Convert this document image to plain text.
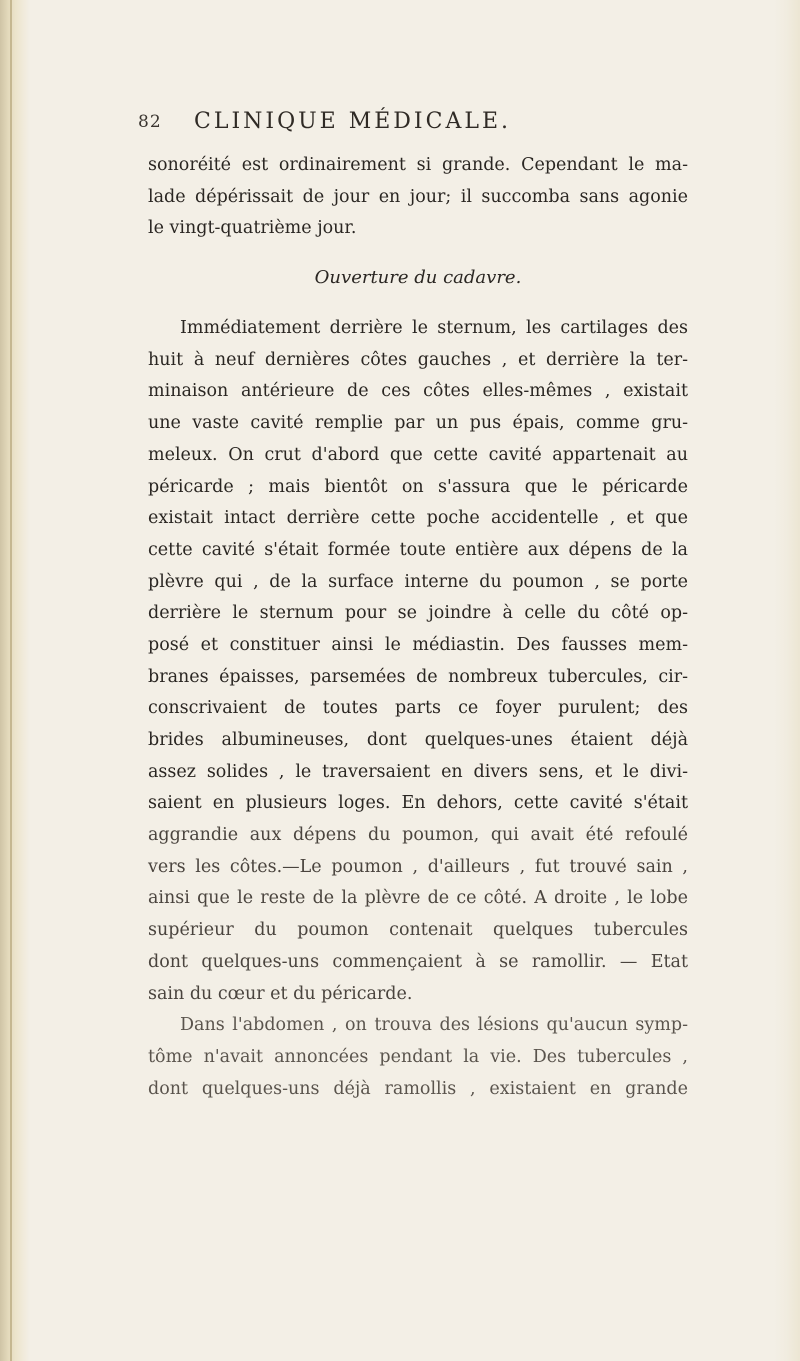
82 CLINIQUE MÉDICALE.
sonoréité est ordinairement si grande. Cependant le ma-
lade dépérissait de jour en jour; il succomba sans agonie
le vingt-quatrième jour.
Ouverture du cadavre.
Immédiatement derrière le sternum, les cartilages des
huit à neuf dernières côtes gauches , et derrière la ter-
minaison antérieure de ces côtes elles-mêmes , existait
une vaste cavité remplie par un pus épais, comme gru-
meleux. On crut d'abord que cette cavité appartenait au
péricarde ; mais bientôt on s'assura que le péricarde
existait intact derrière cette poche accidentelle , et que
cette cavité s'était formée toute entière aux dépens de la
plèvre qui , de la surface interne du poumon , se porte
derrière le sternum pour se joindre à celle du côté op-
posé et constituer ainsi le médiastin. Des fausses mem-
branes épaisses, parsemées de nombreux tubercules, cir-
conscrivaient de toutes parts ce foyer purulent; des
brides albumineuses, dont quelques-unes étaient déjà
assez solides , le traversaient en divers sens, et le divi-
saient en plusieurs loges. En dehors, cette cavité s'était
aggrandie aux dépens du poumon, qui avait été refoulé
vers les côtes.—Le poumon , d'ailleurs , fut trouvé sain ,
ainsi que le reste de la plèvre de ce côté. A droite , le lobe
supérieur du poumon contenait quelques tubercules
dont quelques-uns commençaient à se ramollir. — Etat
sain du cœur et du péricarde.
Dans l'abdomen , on trouva des lésions qu'aucun symp-
tôme n'avait annoncées pendant la vie. Des tubercules ,
dont quelques-uns déjà ramollis , existaient en grande
